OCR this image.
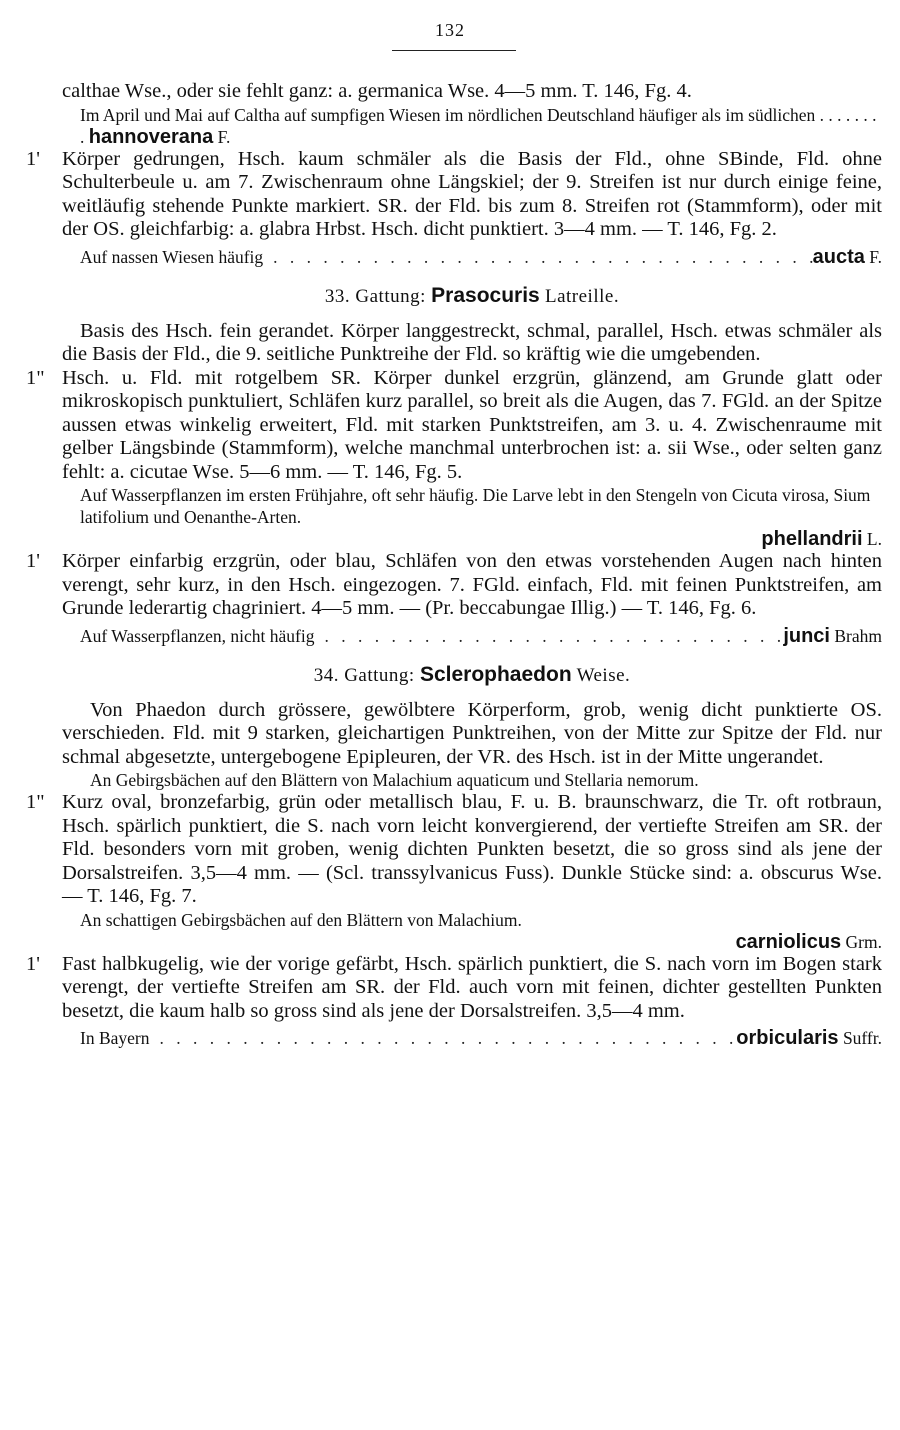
132

calthae Wse., oder sie fehlt ganz: a. germanica Wse. 4—5 mm. T. 146, Fg. 4.

Im April und Mai auf Caltha auf sumpfigen Wiesen im nördlichen Deutschland häufiger als im südlichen . . . . . . . . hannoverana F.
1' Körper gedrungen, Hsch. kaum schmäler als die Basis der Fld., ohne SBinde, Fld. ohne Schulterbeule u. am 7. Zwischenraum ohne Längskiel; der 9. Streifen ist nur durch einige feine, weitläufig stehende Punkte markiert. SR. der Fld. bis zum 8. Streifen rot (Stammform), oder mit der OS. gleichfarbig: a. glabra Hrbst. Hsch. dicht punktiert. 3—4 mm. — T. 146, Fg. 2.
Auf nassen Wiesen häufig . . .	aucta
F.
33. Gattung: Prasocuris Latreille.

Basis des Hsch. fein gerandet. Körper langgestreckt, schmal, parallel, Hsch. etwas schmäler als die Basis der Fld., die 9. seitliche Punktreihe der Fld. so kräftig wie die umgebenden.

1" Hsch. u. Fld. mit rotgelbem SR. Körper dunkel erzgrün, glänzend, am Grunde glatt oder mikroskopisch punktuliert, Schläfen kurz parallel, so breit als die Augen, das 7. FGld. an der Spitze aussen etwas winkelig erweitert, Fld. mit starken Punktstreifen, am 3. u. 4. Zwischenraume mit gelber Längsbinde (Stammform), welche manchmal unterbrochen ist: a. sii Wse., oder selten ganz fehlt: a. cicutae Wse. 5—6 mm. — T. 146, Fg. 5.
Auf Wasserpflanzen im ersten Frühjahre, oft sehr häufig. Die Larve lebt in den Stengeln von Cicuta virosa, Sium latifolium und Oenanthe-Arten.
phellandrii L.
1' Körper einfarbig erzgrün, oder blau, Schläfen von den etwas vorstehenden Augen nach hinten verengt, sehr kurz, in den Hsch. eingezogen. 7. FGld. einfach, Fld. mit feinen Punktstreifen, am Grunde lederartig chagriniert. 4—5 mm. — (Pr. beccabungae Illig.) — T. 146, Fg. 6.
Auf Wasserpflanzen, nicht häufig . . .	junci
Brahm
34. Gattung: Sclerophaedon Weise.

Von Phaedon durch grössere, gewölbtere Körperform, grob, wenig dicht punktierte OS. verschieden. Fld. mit 9 starken, gleichartigen Punktreihen, von der Mitte zur Spitze der Fld. nur schmal abgesetzte, untergebogene Epipleuren, der VR. des Hsch. ist in der Mitte ungerandet.

An Gebirgsbächen auf den Blättern von Malachium aquaticum und Stellaria nemorum.

1" Kurz oval, bronzefarbig, grün oder metallisch blau, F. u. B. braunschwarz, die Tr. oft rotbraun, Hsch. spärlich punktiert, die S. nach vorn leicht konvergierend, der vertiefte Streifen am SR. der Fld. besonders vorn mit groben, wenig dichten Punkten besetzt, die so gross sind als jene der Dorsalstreifen. 3,5—4 mm. — (Scl. transsylvanicus Fuss). Dunkle Stücke sind: a. obscurus Wse. — T. 146, Fg. 7.
An schattigen Gebirgsbächen auf den Blättern von Malachium.
carniolicus Grm.
1' Fast halbkugelig, wie der vorige gefärbt, Hsch. spärlich punktiert, die S. nach vorn im Bogen stark verengt, der vertiefte Streifen am SR. der Fld. auch vorn mit feinen, dichter gestellten Punkten besetzt, die kaum halb so gross sind als jene der Dorsalstreifen. 3,5—4 mm.
In Bayern . . .	orbicularis
Suffr.
